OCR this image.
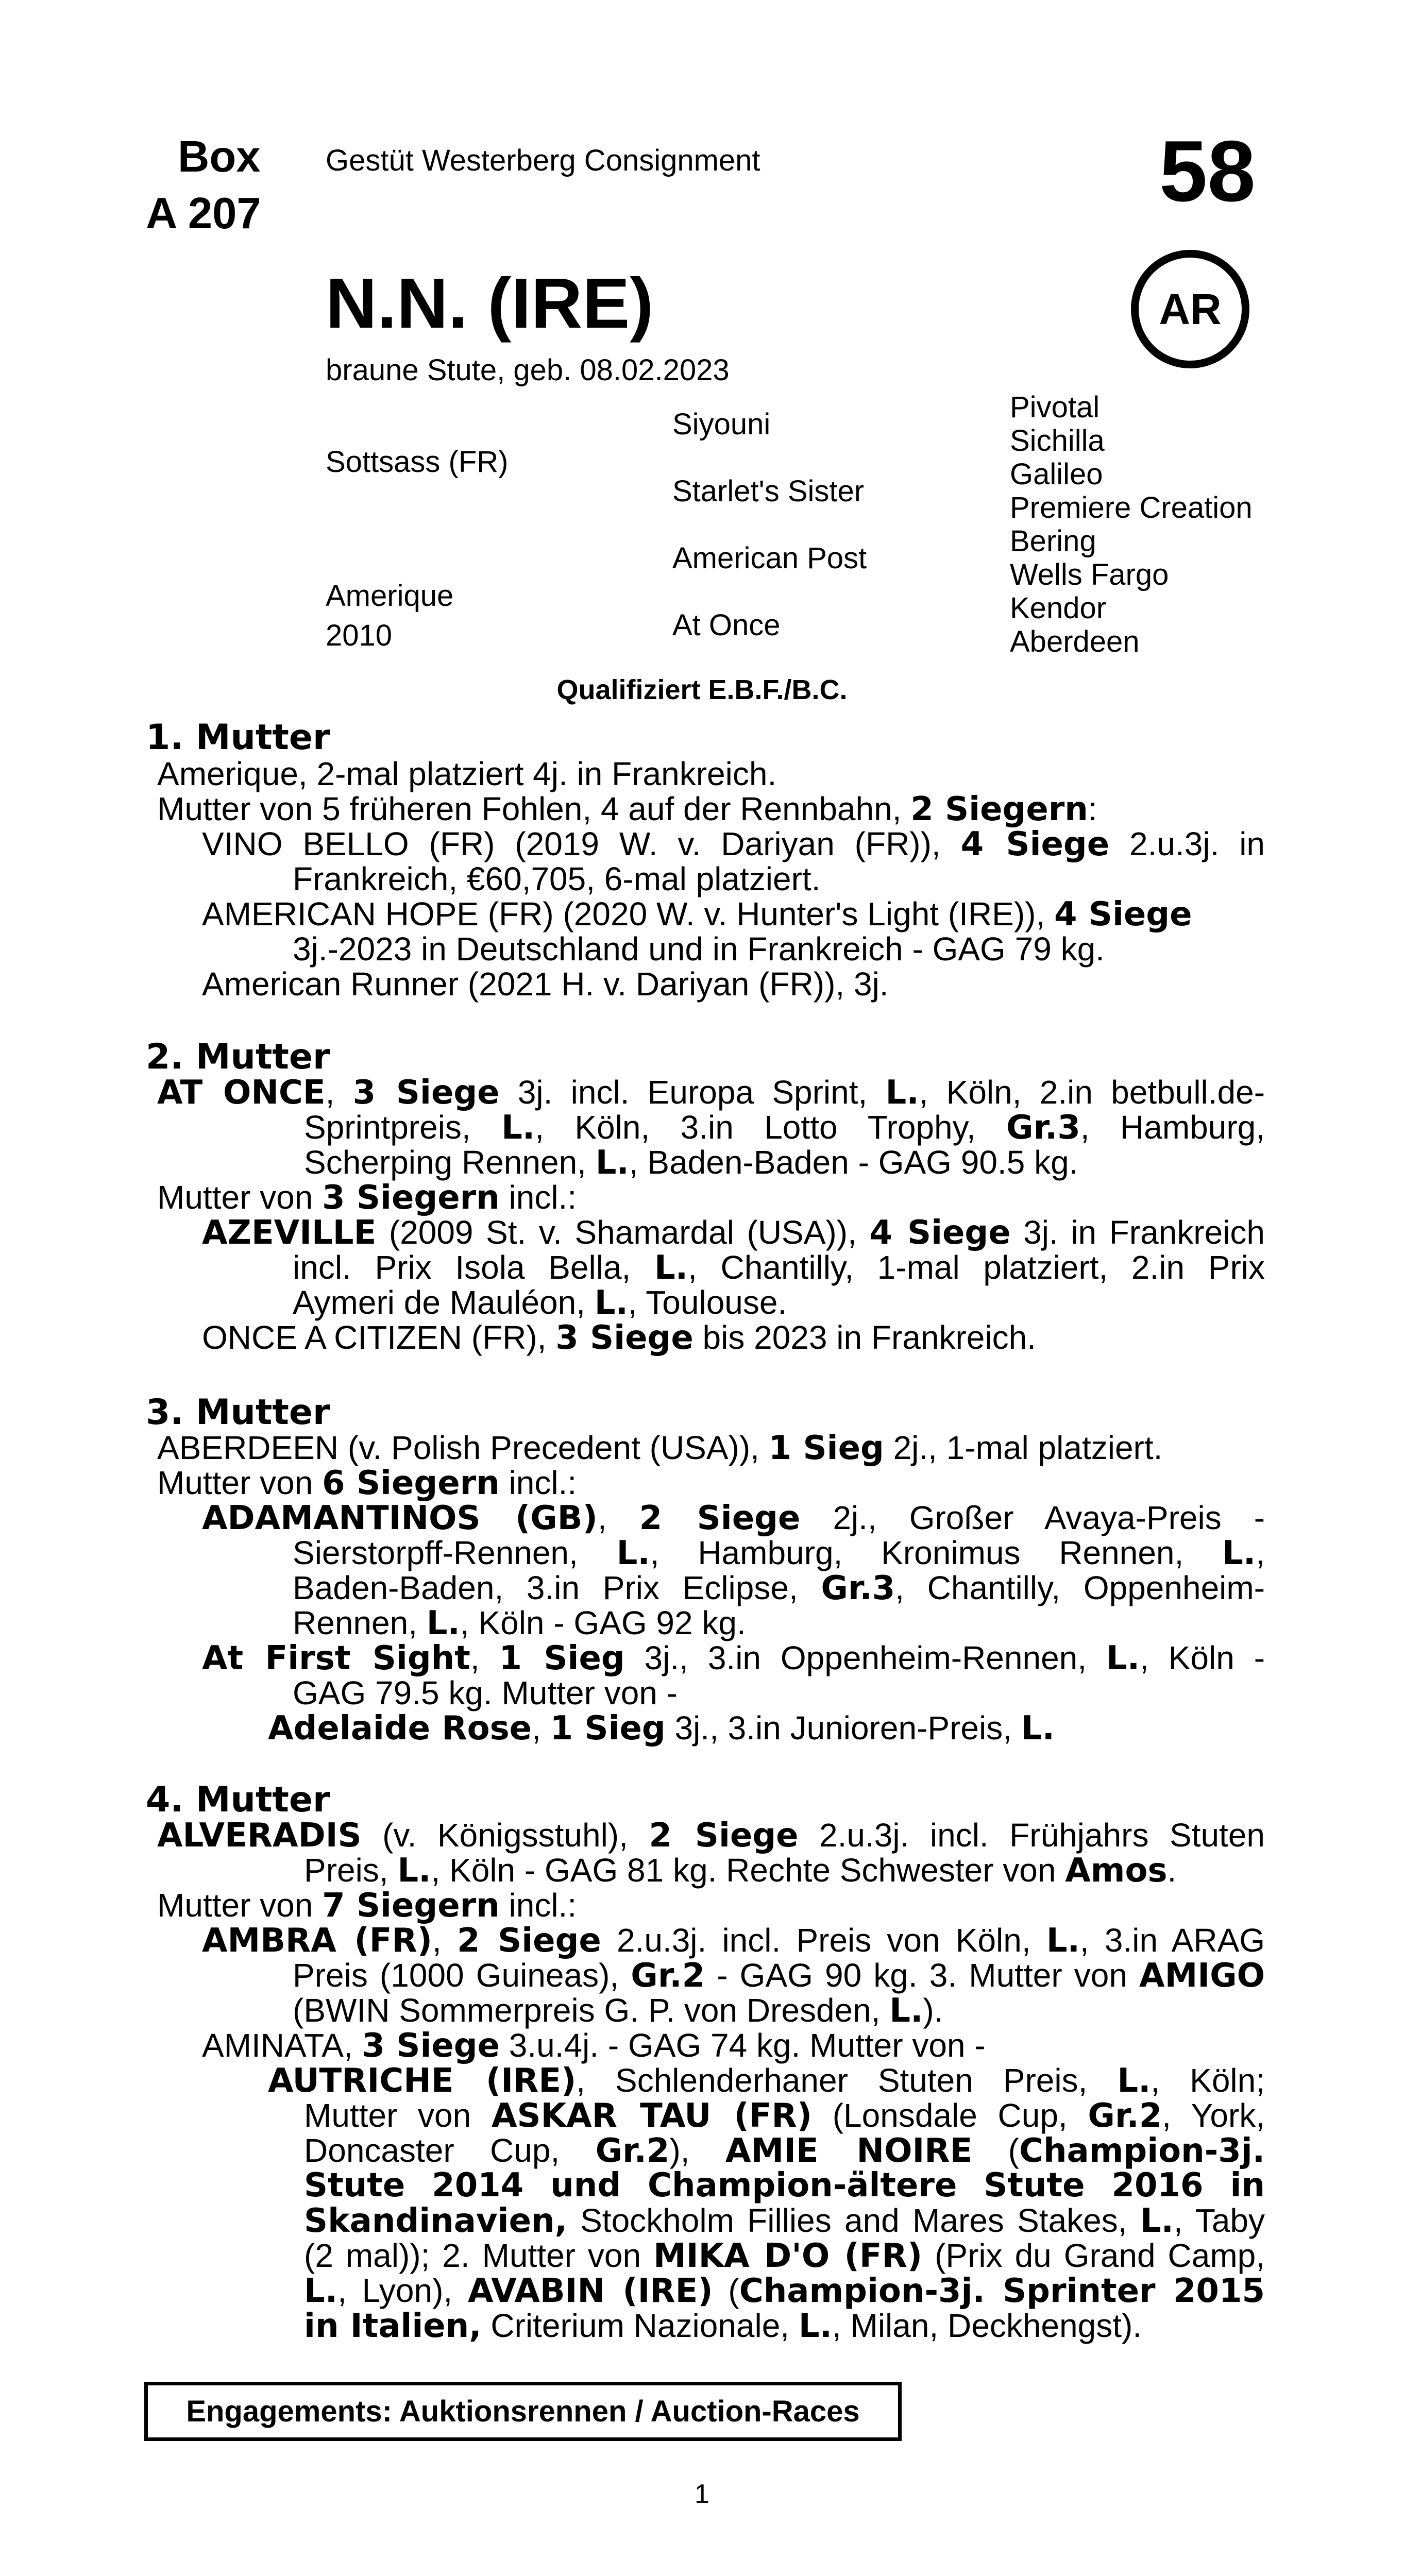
Box
A 207
Gestüt Westerberg Consignment	58
AR
N.N. (IRE)
braune Stute, geb. 08.02.2023
Sottsass (FR)
Amerique
2010
Siyouni
Starlet's Sister
American Post
At Once
Pivotal
Sichilla
Galileo
Premiere Creation
Bering
Wells Fargo
Kendor
Aberdeen
Qualifiziert E.B.F./B.C.
1. Mutter
Amerique, 2-mal platziert 4j. in Frankreich.
Mutter von 5 früheren Fohlen, 4 auf der Rennbahn, 2 Siegern:
VINO BELLO (FR) (2019 W. v. Dariyan (FR)), 4 Siege 2.u.3j. in
Frankreich, €60,705, 6-mal platziert.
AMERICAN HOPE (FR) (2020 W. v. Hunter's Light (IRE)), 4 Siege
3j.-2023 in Deutschland und in Frankreich - GAG 79 kg.
American Runner (2021 H. v. Dariyan (FR)), 3j.
2. Mutter
AT ONCE, 3 Siege 3j. incl. Europa Sprint, L., Köln, 2.in betbull.de-
Sprintpreis, L., Köln, 3.in Lotto Trophy, Gr.3, Hamburg,
Scherping Rennen, L., Baden-Baden - GAG 90.5 kg.
Mutter von 3 Siegern incl.:
AZEVILLE (2009 St. v. Shamardal (USA)), 4 Siege 3j. in Frankreich
incl. Prix Isola Bella, L., Chantilly, 1-mal platziert, 2.in Prix
Aymeri de Mauléon, L., Toulouse.
ONCE A CITIZEN (FR), 3 Siege bis 2023 in Frankreich.
3. Mutter
ABERDEEN (v. Polish Precedent (USA)), 1 Sieg 2j., 1-mal platziert.
Mutter von 6 Siegern incl.:
ADAMANTINOS (GB), 2 Siege 2j., Großer Avaya-Preis -
Sierstorpff-Rennen, L., Hamburg, Kronimus Rennen, L.,
Baden-Baden, 3.in Prix Eclipse, Gr.3, Chantilly, Oppenheim-
Rennen, L., Köln - GAG 92 kg.
At First Sight, 1 Sieg 3j., 3.in Oppenheim-Rennen, L., Köln -
GAG 79.5 kg. Mutter von -
Adelaide Rose, 1 Sieg 3j., 3.in Junioren-Preis, L.
4. Mutter
ALVERADIS (v. Königsstuhl), 2 Siege 2.u.3j. incl. Frühjahrs Stuten
Preis, L., Köln - GAG 81 kg. Rechte Schwester von Amos.
Mutter von 7 Siegern incl.:
AMBRA (FR), 2 Siege 2.u.3j. incl. Preis von Köln, L., 3.in ARAG
Preis (1000 Guineas), Gr.2 - GAG 90 kg. 3. Mutter von AMIGO
(BWIN Sommerpreis G. P. von Dresden, L.).
AMINATA, 3 Siege 3.u.4j. - GAG 74 kg. Mutter von -
AUTRICHE (IRE), Schlenderhaner Stuten Preis, L., Köln;
Mutter von ASKAR TAU (FR) (Lonsdale Cup, Gr.2, York,
Doncaster Cup, Gr.2), AMIE NOIRE (Champion-3j.
Stute 2014 und Champion-ältere Stute 2016 in
Skandinavien, Stockholm Fillies and Mares Stakes, L., Taby
(2 mal)); 2. Mutter von MIKA D'O (FR) (Prix du Grand Camp,
L., Lyon), AVABIN (IRE) (Champion-3j. Sprinter 2015
in Italien, Criterium Nazionale, L., Milan, Deckhengst).
Engagements: Auktionsrennen / Auction-Races
1
